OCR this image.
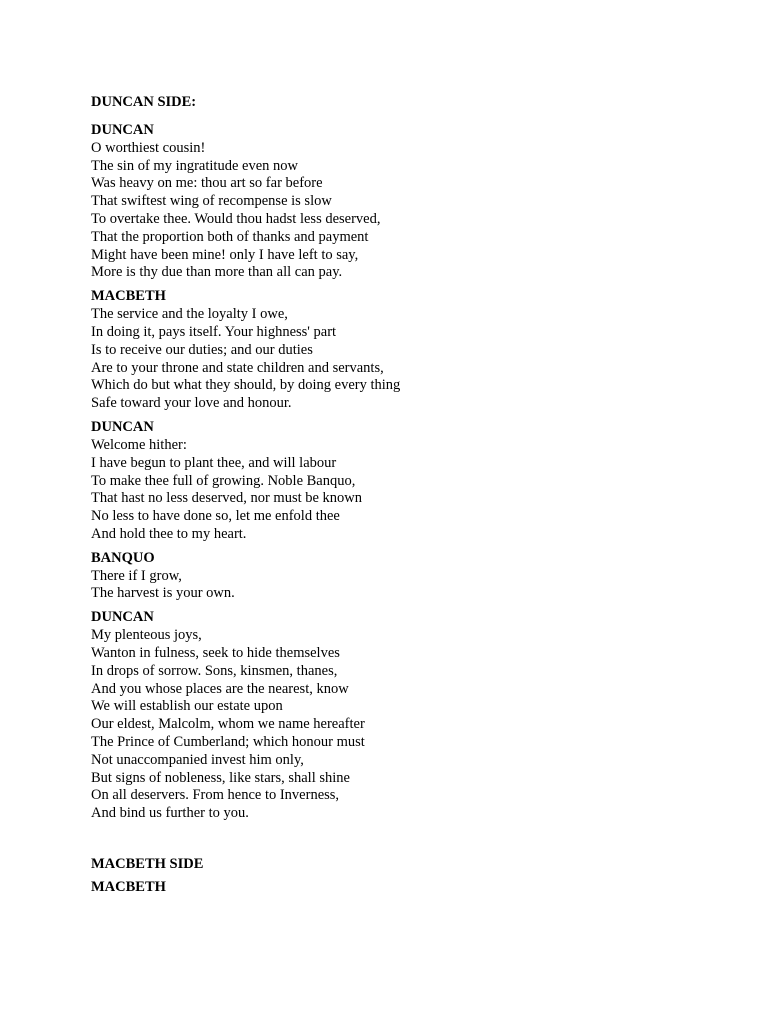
DUNCAN SIDE:
DUNCAN
O worthiest cousin!
The sin of my ingratitude even now
Was heavy on me: thou art so far before
That swiftest wing of recompense is slow
To overtake thee. Would thou hadst less deserved,
That the proportion both of thanks and payment
Might have been mine! only I have left to say,
More is thy due than more than all can pay.
MACBETH
The service and the loyalty I owe,
In doing it, pays itself. Your highness' part
Is to receive our duties; and our duties
Are to your throne and state children and servants,
Which do but what they should, by doing every thing
Safe toward your love and honour.
DUNCAN
Welcome hither:
I have begun to plant thee, and will labour
To make thee full of growing. Noble Banquo,
That hast no less deserved, nor must be known
No less to have done so, let me enfold thee
And hold thee to my heart.
BANQUO
There if I grow,
The harvest is your own.
DUNCAN
My plenteous joys,
Wanton in fulness, seek to hide themselves
In drops of sorrow. Sons, kinsmen, thanes,
And you whose places are the nearest, know
We will establish our estate upon
Our eldest, Malcolm, whom we name hereafter
The Prince of Cumberland; which honour must
Not unaccompanied invest him only,
But signs of nobleness, like stars, shall shine
On all deservers. From hence to Inverness,
And bind us further to you.
MACBETH SIDE
MACBETH
